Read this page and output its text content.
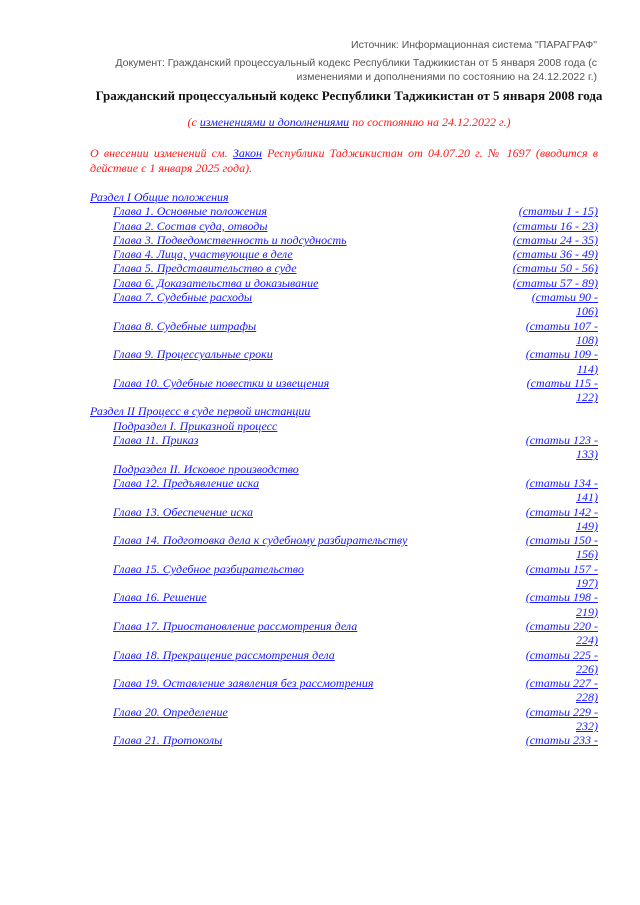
Источник: Информационная система "ПАРАГРАФ"
Документ: Гражданский процессуальный кодекс Республики Таджикистан от 5 января 2008 года (с изменениями и дополнениями по состоянию на 24.12.2022 г.)
Гражданский процессуальный кодекс Республики Таджикистан от 5 января 2008 года
(с изменениями и дополнениями по состоянию на 24.12.2022 г.)
О внесении изменений см. Закон Республики Таджикистан от 04.07.20 г. № 1697 (вводится в действие с 1 января 2025 года).
Раздел I Общие положения
Глава 1. Основные положения	(статьи 1 - 15)
Глава 2. Состав суда, отводы	(статьи 16 - 23)
Глава 3. Подведомственность и подсудность	(статьи 24 - 35)
Глава 4. Лица, участвующие в деле	(статьи 36 - 49)
Глава 5. Представительство в суде	(статьи 50 - 56)
Глава 6. Доказательства и доказывание	(статьи 57 - 89)
Глава 7. Судебные расходы	(статьи 90 - 106)
Глава 8. Судебные штрафы	(статьи 107 - 108)
Глава 9. Процессуальные сроки	(статьи 109 - 114)
Глава 10. Судебные повестки и извещения	(статьи 115 - 122)
Раздел II Процесс в суде первой инстанции
Подраздел I. Приказной процесс
Глава 11. Приказ	(статьи 123 - 133)
Подраздел II. Исковое производство
Глава 12. Предъявление иска	(статьи 134 - 141)
Глава 13. Обеспечение иска	(статьи 142 - 149)
Глава 14. Подготовка дела к судебному разбирательству	(статьи 150 - 156)
Глава 15. Судебное разбирательство	(статьи 157 - 197)
Глава 16. Решение	(статьи 198 - 219)
Глава 17. Приостановление рассмотрения дела	(статьи 220 - 224)
Глава 18. Прекращение рассмотрения дела	(статьи 225 - 226)
Глава 19. Оставление заявления без рассмотрения	(статьи 227 - 228)
Глава 20. Определение	(статьи 229 - 232)
Глава 21. Протоколы	(статьи 233 -
